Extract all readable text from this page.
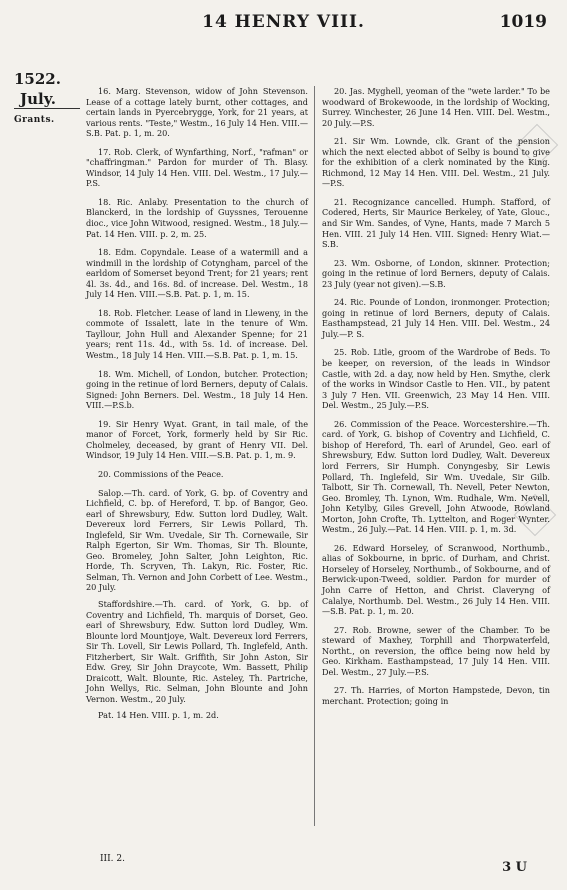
14 HENRY VIII.	1019
1522.
July.
Grants.

16. Marg. Stevenson, widow of John Stevenson. Lease of a cottage lately burnt, other cottages, and certain lands in Pyercebrygge, York, for 21 years, at various rents. "Teste," Westm., 16 July 14 Hen. VIII.—S.B. Pat. p. 1, m. 20.

17. Rob. Clerk, of Wynfarthing, Norf., "rafman" or "chaffringman." Pardon for murder of Th. Blasy. Windsor, 14 July 14 Hen. VIII. Del. Westm., 17 July.—P.S.

18. Ric. Anlaby. Presentation to the church of Blanckerd, in the lordship of Guyssnes, Terouenne dioc., vice John Witwood, resigned. Westm., 18 July.—Pat. 14 Hen. VIII. p. 2, m. 25.

18. Edm. Copyndale. Lease of a watermill and a windmill in the lordship of Cotyngham, parcel of the earldom of Somerset beyond Trent; for 21 years; rent 4l. 3s. 4d., and 16s. 8d. of increase. Del. Westm., 18 July 14 Hen. VIII.—S.B. Pat. p. 1, m. 15.

18. Rob. Fletcher. Lease of land in Lleweny, in the commote of Issalett, late in the tenure of Wm. Tayllour, John Hull and Alexander Spenne; for 21 years; rent 11s. 4d., with 5s. 1d. of increase. Del. Westm., 18 July 14 Hen. VIII.—S.B. Pat. p. 1, m. 15.

18. Wm. Michell, of London, butcher. Protection; going in the retinue of lord Berners, deputy of Calais. Signed: John Berners. Del. Westm., 18 July 14 Hen. VIII.—P.S.b.

19. Sir Henry Wyat. Grant, in tail male, of the manor of Forcet, York, formerly held by Sir Ric. Cholmeley, deceased, by grant of Henry VII. Del. Windsor, 19 July 14 Hen. VIII.—S.B. Pat. p. 1, m. 9.

20. Commissions of the Peace.

Salop.—Th. card. of York, G. bp. of Coventry and Lichfield, C. bp. of Hereford, T. bp. of Bangor, Geo. earl of Shrewsbury, Edw. Sutton lord Dudley, Walt. Devereux lord Ferrers, Sir Lewis Pollard, Th. Inglefeld, Sir Wm. Uvedale, Sir Th. Cornewaile, Sir Ralph Egerton, Sir Wm. Thomas, Sir Th. Blounte, Geo. Bromeley, John Salter, John Leighton, Ric. Horde, Th. Scryven, Th. Lakyn, Ric. Foster, Ric. Selman, Th. Vernon and John Corbett of Lee. Westm., 20 July.

Staffordshire.—Th. card. of York, G. bp. of Coventry and Lichfield, Th. marquis of Dorset, Geo. earl of Shrewsbury, Edw. Sutton lord Dudley, Wm. Blounte lord Mountjoye, Walt. Devereux lord Ferrers, Sir Th. Lovell, Sir Lewis Pollard, Th. Inglefeld, Anth. Fitzherbert, Sir Walt. Griffith, Sir John Aston, Sir Edw. Grey, Sir John Draycote, Wm. Bassett, Philip Draicott, Walt. Blounte, Ric. Asteley, Th. Partriche, John Wellys, Ric. Selman, John Blounte and John Vernon. Westm., 20 July.

Pat. 14 Hen. VIII. p. 1, m. 2d.

20. Jas. Myghell, yeoman of the "wete larder." To be woodward of Brokewoode, in the lordship of Wocking, Surrey. Winchester, 26 June 14 Hen. VIII. Del. Westm., 20 July.—P.S.

21. Sir Wm. Lowndе, clk. Grant of the pension which the next elected abbot of Selby is bound to give for the exhibition of a clerk nominated by the King. Richmond, 12 May 14 Hen. VIII. Del. Westm., 21 July.—P.S.

21. Recognizance cancelled. Humph. Stafford, of Codered, Herts, Sir Maurice Berkeley, of Yate, Glouc., and Sir Wm. Sandes, of Vyne, Hants, made 7 March 5 Hen. VIII. 21 July 14 Hen. VIII. Signed: Henry Wiat.—S.B.

23. Wm. Osborne, of London, skinner. Protection; going in the retinue of lord Berners, deputy of Calais. 23 July (year not given).—S.B.

24. Ric. Pounde of London, ironmonger. Protection; going in retinue of lord Berners, deputy of Calais. Easthampstead, 21 July 14 Hen. VIII. Del. Westm., 24 July.—P. S.

25. Rob. Litle, groom of the Wardrobe of Beds. To be keeper, on reversion, of the leads in Windsor Castle, with 2d. a day, now held by Hen. Smythe, clerk of the works in Windsor Castle to Hen. VII., by patent 3 July 7 Hen. VII. Greenwich, 23 May 14 Hen. VIII. Del. Westm., 25 July.—P.S.

26. Commission of the Peace. Worcestershire.—Th. card. of York, G. bishop of Coventry and Lichfield, C. bishop of Hereford, Th. earl of Arundel, Geo. earl of Shrewsbury, Edw. Sutton lord Dudley, Walt. Devereux lord Ferrers, Sir Humph. Conyngesby, Sir Lewis Pollard, Th. Inglefeld, Sir Wm. Uvedale, Sir Gilb. Talbott, Sir Th. Cornewall, Th. Nevell, Peter Newton, Geo. Bromley, Th. Lynon, Wm. Rudhale, Wm. Nevell, John Ketylby, Giles Grevell, John Atwoode, Rowland Morton, John Crofte, Th. Lyttelton, and Roger Wynter. Westm., 26 July.—Pat. 14 Hen. VIII. p. 1, m. 3d.

26. Edward Horseley, of Scranwood, Northumb., alias of Sokbourne, in bpric. of Durham, and Christ. Horseley of Horseley, Northumb., of Sokbourne, and of Berwick-upon-Tweed, soldier. Pardon for murder of John Carre of Hetton, and Christ. Claveryng of Calalye, Northumb. Del. Westm., 26 July 14 Hen. VIII.—S.B. Pat. p. 1, m. 20.

27. Rob. Browne, sewer of the Chamber. To be steward of Maxhey, Torphill and Thorpwaterfeld, Northt., on reversion, the office being now held by Geo. Kirkham. Easthampstead, 17 July 14 Hen. VIII. Del. Westm., 27 July.—P.S.

27. Th. Harries, of Morton Hampstede, Devon, tin merchant. Protection; going in

III. 2.
3 U
